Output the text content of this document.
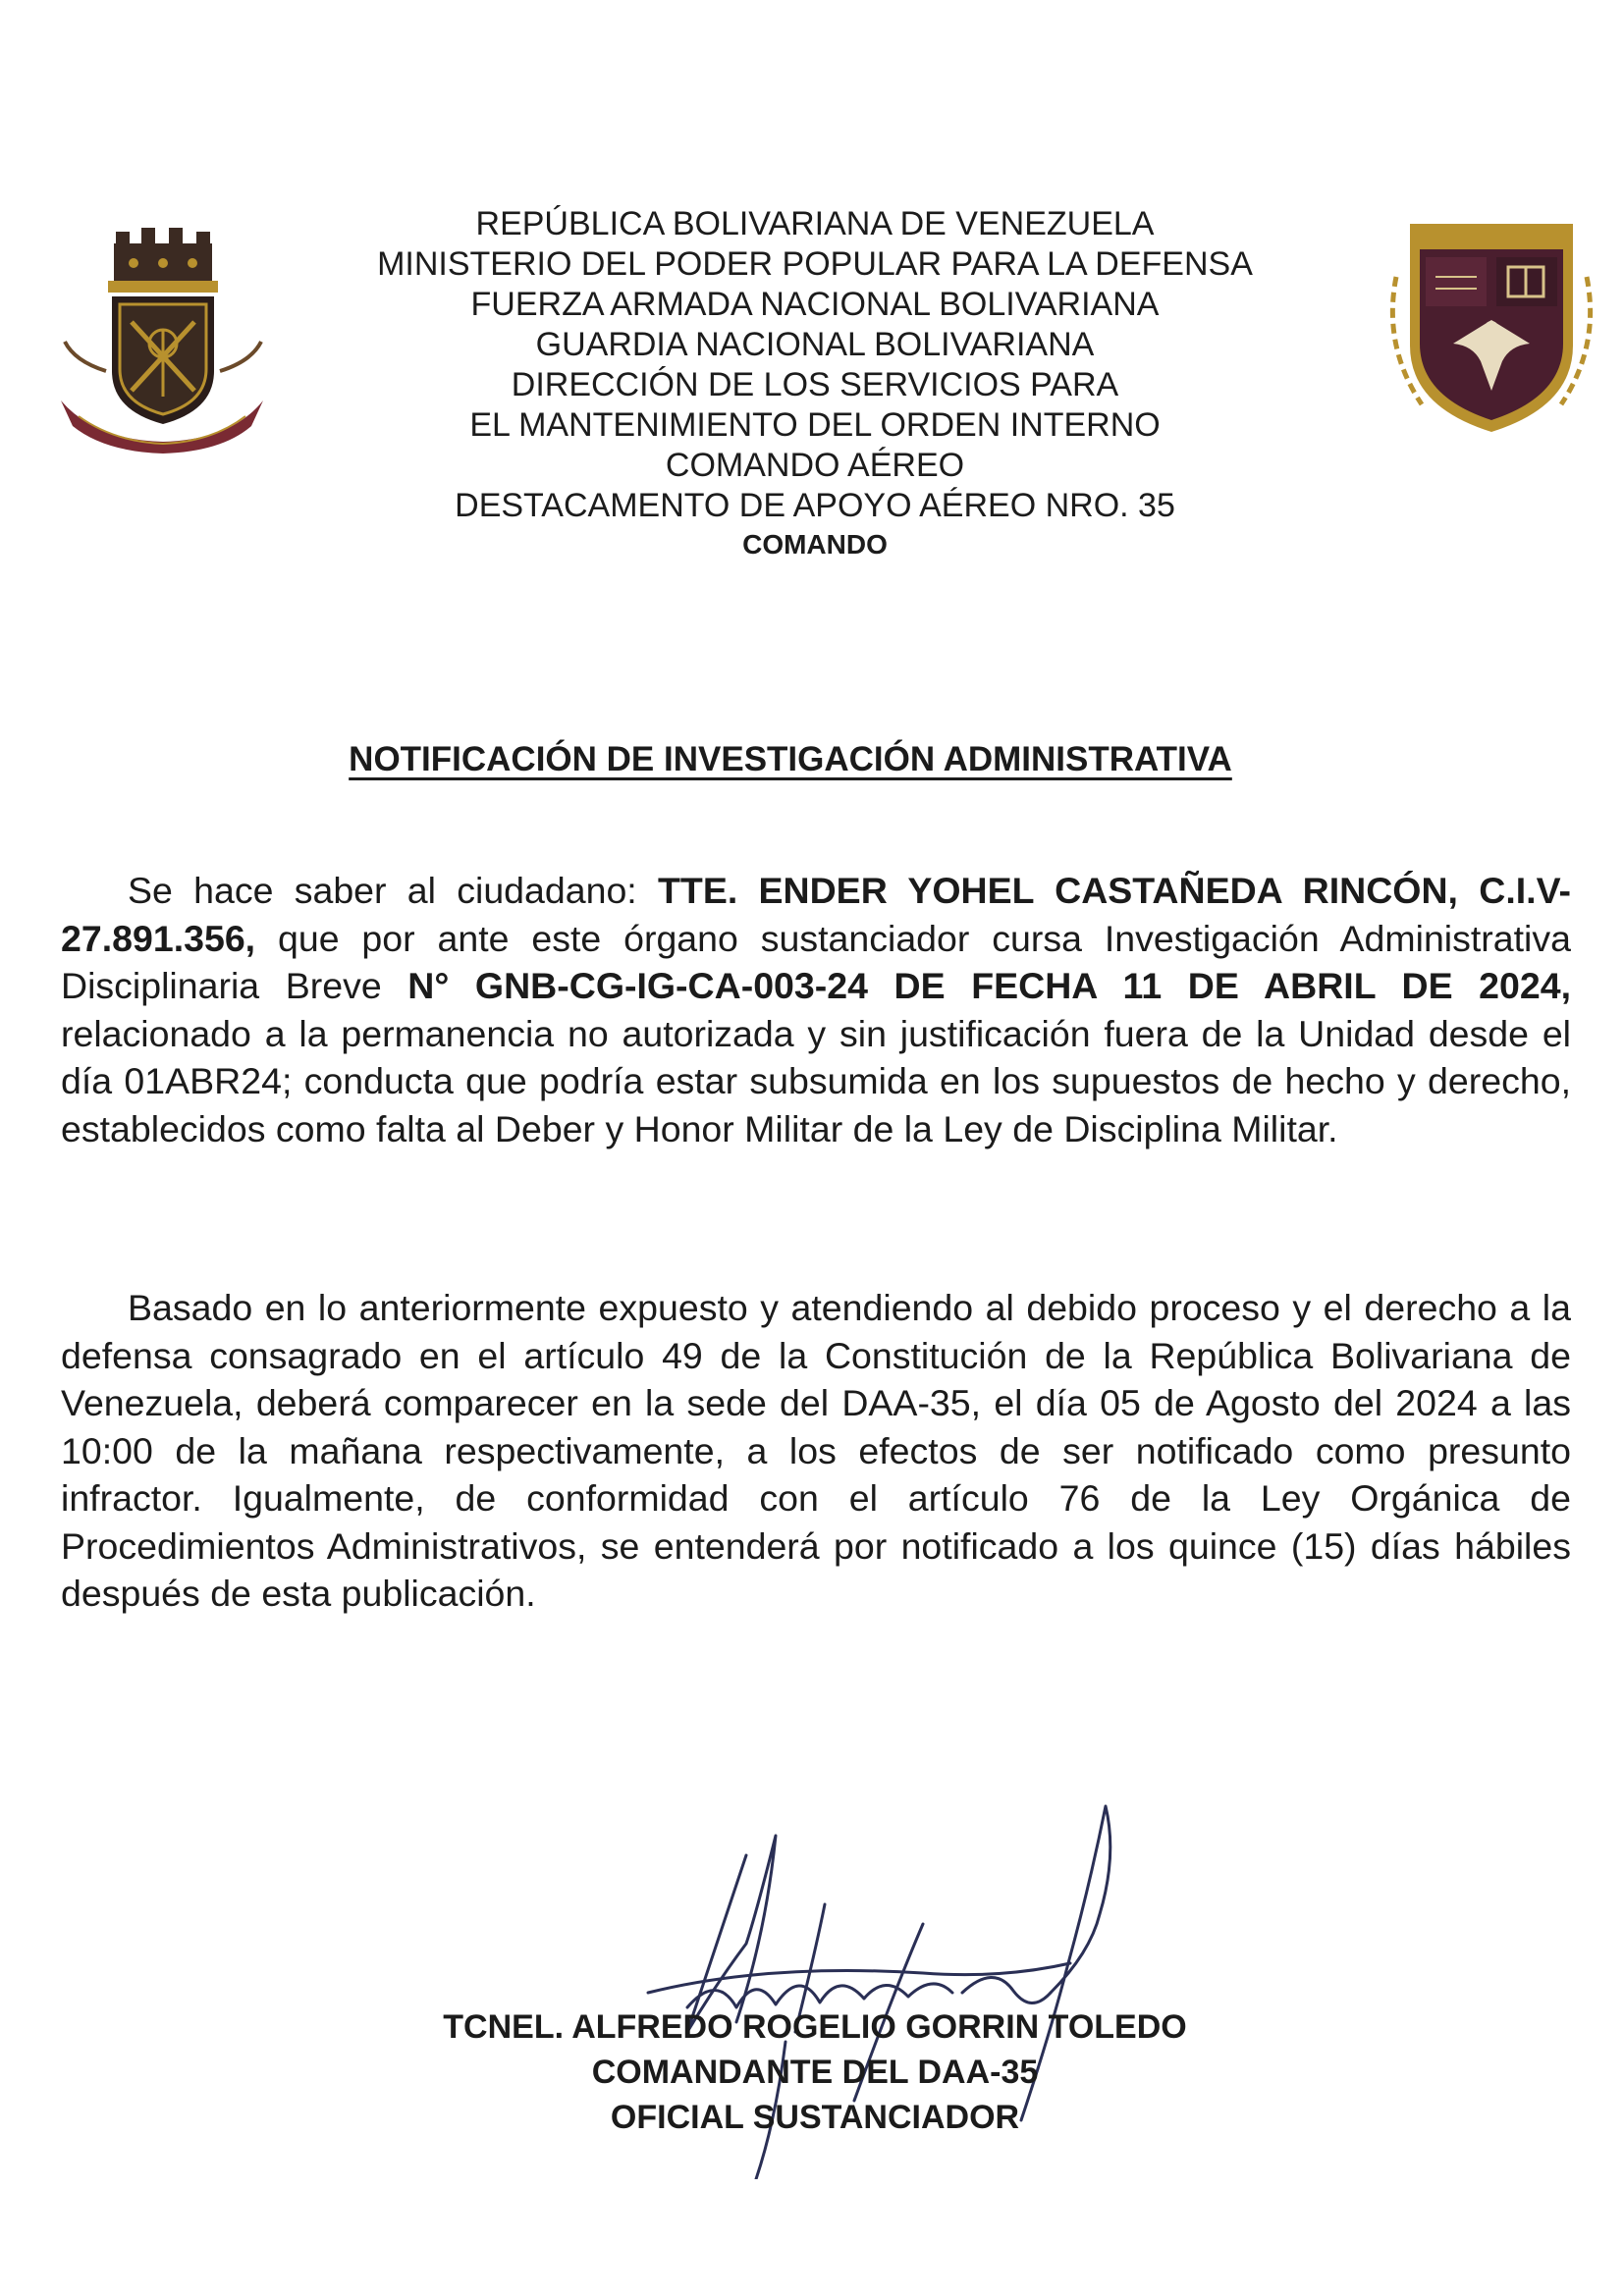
REPÚBLICA BOLIVARIANA DE VENEZUELA
MINISTERIO DEL PODER POPULAR PARA LA DEFENSA
FUERZA ARMADA NACIONAL BOLIVARIANA
GUARDIA NACIONAL BOLIVARIANA
DIRECCIÓN DE LOS SERVICIOS PARA
EL MANTENIMIENTO DEL ORDEN INTERNO
COMANDO AÉREO
DESTACAMENTO DE APOYO AÉREO NRO. 35
COMANDO
NOTIFICACIÓN DE INVESTIGACIÓN ADMINISTRATIVA

Se hace saber al ciudadano: TTE. ENDER YOHEL CASTAÑEDA RINCÓN, C.I.V-27.891.356, que por ante este órgano sustanciador cursa Investigación Administrativa Disciplinaria Breve N° GNB-CG-IG-CA-003-24 DE FECHA 11 DE ABRIL DE 2024, relacionado a la permanencia no autorizada y sin justificación fuera de la Unidad desde el día 01ABR24; conducta que podría estar subsumida en los supuestos de hecho y derecho, establecidos como falta al Deber y Honor Militar de la Ley de Disciplina Militar.

Basado en lo anteriormente expuesto y atendiendo al debido proceso y el derecho a la defensa consagrado en el artículo 49 de la Constitución de la República Bolivariana de Venezuela, deberá comparecer en la sede del DAA-35, el día 05 de Agosto del 2024 a las 10:00 de la mañana respectivamente, a los efectos de ser notificado como presunto infractor. Igualmente, de conformidad con el artículo 76 de la Ley Orgánica de Procedimientos Administrativos, se entenderá por notificado a los quince (15) días hábiles después de esta publicación.

TCNEL. ALFREDO ROGELIO GORRIN TOLEDO
COMANDANTE DEL DAA-35
OFICIAL SUSTANCIADOR
